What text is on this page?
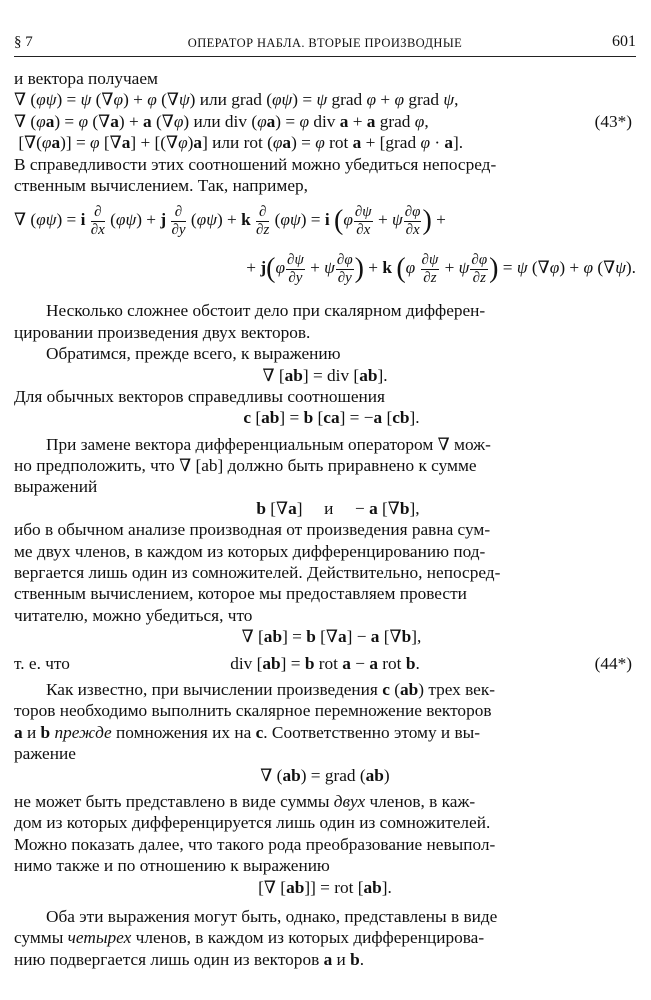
§ 7	ОПЕРАТОР НАБЛА. ВТОРЫЕ ПРОИЗВОДНЫЕ	601
и вектора получаем
∇ (φψ) = ψ (∇φ) + φ (∇ψ) или grad (φψ) = ψ grad φ + φ grad ψ,
∇ (φa) = φ (∇a) + a (∇φ) или div (φa) = φ div a + a grad φ,	(43*)
[∇(φa)] = φ [∇a] + [(∇φ)a] или rot (φa) = φ rot a + [grad φ · a].
В справедливости этих соотношений можно убедиться непосред-
ственным вычислением. Так, например,
∇ (φψ) = i $\frac{\partial}{\partial x} (\varphi\psi) + j \frac{\partial}{\partial y} (\varphi\psi) + k \frac{\partial}{\partial z} (\varphi\psi) = i$ ($\varphi \frac{\partial\psi}{\partial x} + \psi \frac{\partial\varphi}{\partial x}$ ) +
+ $j(\varphi \frac{\partial\psi}{\partial y} + \psi \frac{\partial\varphi}{\partial y}$ ) + k ($\varphi \frac{\partial\psi}{\partial z} + \psi \frac{\partial\varphi}{\partial z}$ ) = ψ (∇φ) + φ (∇ψ).
Несколько сложнее обстоит дело при скалярном дифферен-
цировании произведения двух векторов.
Обратимся, прежде всего, к выражению
∇ [ab] = div [ab].
Для обычных векторов справедливы соотношения
c [ab] = b [ca] = −a [cb].
При замене вектора дифференциальным оператором ∇ мож-
но предположить, что ∇ [ab] должно быть приравнено к сумме
выражений
b [∇a]     и     − a [∇b],
ибо в обычном анализе производная от произведения равна сум-
ме двух членов, в каждом из которых дифференцированию под-
вергается лишь один из сомножителей. Действительно, непосред-
ственным вычислением, которое мы предоставляем провести
читателю, можно убедиться, что
∇ [ab] = b [∇a] − a [∇b],
т. е. что	div [ab] = b rot a − a rot b.	(44*)
Как известно, при вычислении произведения c (ab) трех век-
торов необходимо выполнить скалярное перемножение векторов
a и b прежде помножения их на c. Соответственно этому и вы-
ражение
∇ (ab) = grad (ab)
не может быть представлено в виде суммы двух членов, в каж-
дом из которых дифференцируется лишь один из сомножителей.
Можно показать далее, что такого рода преобразование невыпол-
нимо также и по отношению к выражению
[∇ [ab]] = rot [ab].
Оба эти выражения могут быть, однако, представлены в виде
суммы четырех членов, в каждом из которых дифференцирова-
нию подвергается лишь один из векторов a и b.
